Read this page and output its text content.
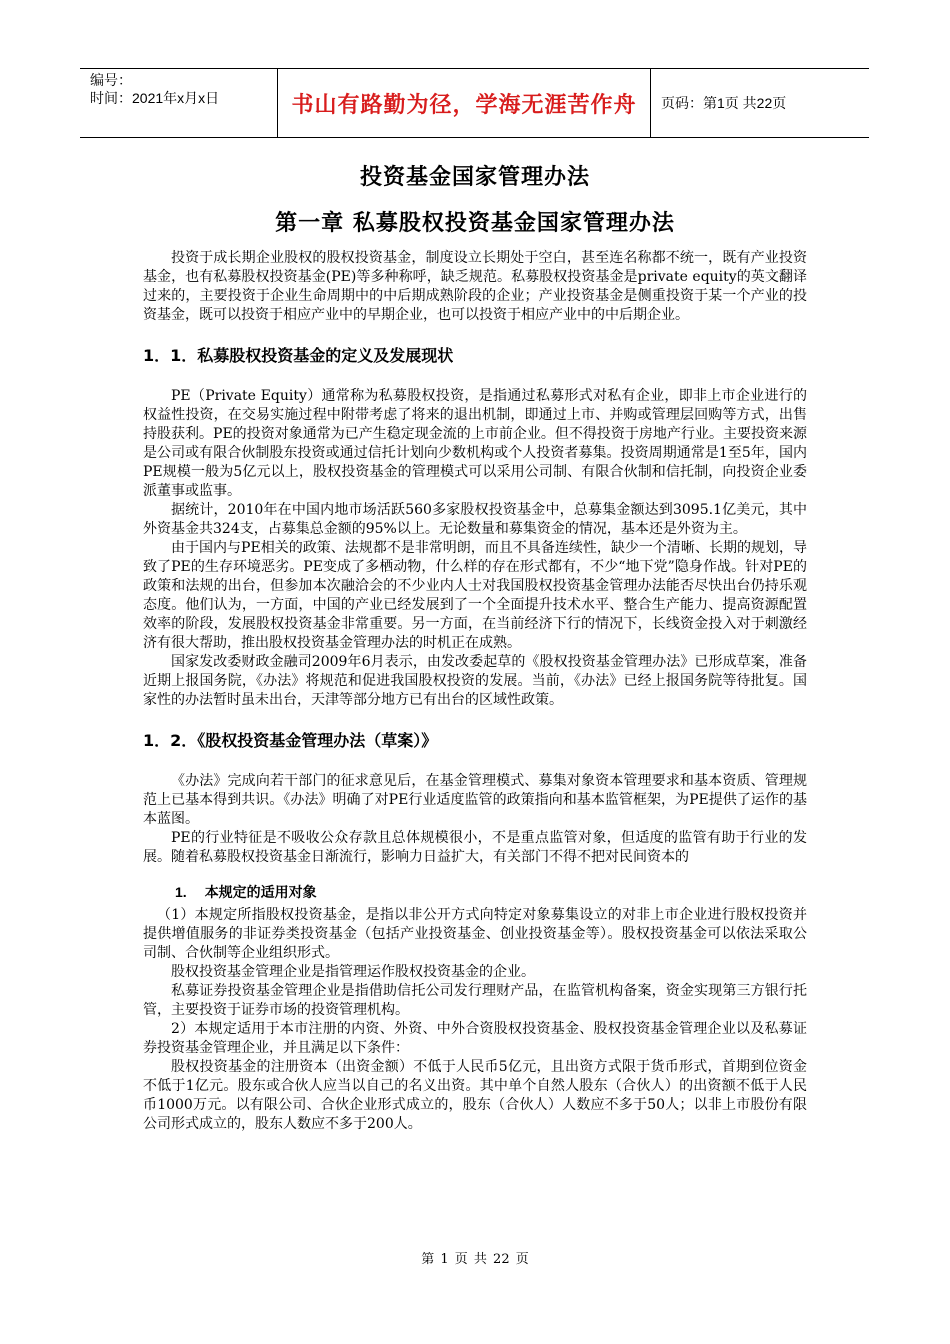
编号：
时间：2021年x月x日	书山有路勤为径，学海无涯苦作舟	页码：第1页 共22页
投资基金国家管理办法
第一章 私募股权投资基金国家管理办法

投资于成长期企业股权的股权投资基金，制度设立长期处于空白，甚至连名称都不统一，既有产业投资基金，也有私募股权投资基金(PE)等多种称呼，缺乏规范。私募股权投资基金是private equity的英文翻译过来的，主要投资于企业生命周期中的中后期成熟阶段的企业；产业投资基金是侧重投资于某一个产业的投资基金，既可以投资于相应产业中的早期企业，也可以投资于相应产业中的中后期企业。

1．1．私募股权投资基金的定义及发展现状

PE（Private Equity）通常称为私募股权投资，是指通过私募形式对私有企业，即非上市企业进行的权益性投资，在交易实施过程中附带考虑了将来的退出机制，即通过上市、并购或管理层回购等方式，出售持股获利。PE的投资对象通常为已产生稳定现金流的上市前企业。但不得投资于房地产行业。主要投资来源是公司或有限合伙制股东投资或通过信托计划向少数机构或个人投资者募集。投资周期通常是1至5年，国内PE规模一般为5亿元以上，股权投资基金的管理模式可以采用公司制、有限合伙制和信托制，向投资企业委派董事或监事。

据统计，2010年在中国内地市场活跃560多家股权投资基金中，总募集金额达到3095.1亿美元，其中外资基金共324支，占募集总金额的95%以上。无论数量和募集资金的情况，基本还是外资为主。

由于国内与PE相关的政策、法规都不是非常明朗，而且不具备连续性，缺少一个清晰、长期的规划，导致了PE的生存环境恶劣。PE变成了多栖动物，什么样的存在形式都有，不少“地下党”隐身作战。针对PE的政策和法规的出台，但参加本次融洽会的不少业内人士对我国股权投资基金管理办法能否尽快出台仍持乐观态度。他们认为，一方面，中国的产业已经发展到了一个全面提升技术水平、整合生产能力、提高资源配置效率的阶段，发展股权投资基金非常重要。另一方面，在当前经济下行的情况下，长线资金投入对于刺激经济有很大帮助，推出股权投资基金管理办法的时机正在成熟。

国家发改委财政金融司2009年6月表示，由发改委起草的《股权投资基金管理办法》已形成草案，准备近期上报国务院，《办法》将规范和促进我国股权投资的发展。当前，《办法》已经上报国务院等待批复。国家性的办法暂时虽未出台，天津等部分地方已有出台的区域性政策。

1．2．《股权投资基金管理办法（草案）》

《办法》完成向若干部门的征求意见后，在基金管理模式、募集对象资本管理要求和基本资质、管理规范上已基本得到共识。《办法》明确了对PE行业适度监管的政策指向和基本监管框架，为PE提供了运作的基本蓝图。

PE的行业特征是不吸收公众存款且总体规模很小，不是重点监管对象，但适度的监管有助于行业的发展。随着私募股权投资基金日渐流行，影响力日益扩大，有关部门不得不把对民间资本的

1. 本规定的适用对象

（1）本规定所指股权投资基金，是指以非公开方式向特定对象募集设立的对非上市企业进行股权投资并提供增值服务的非证券类投资基金（包括产业投资基金、创业投资基金等）。股权投资基金可以依法采取公司制、合伙制等企业组织形式。

股权投资基金管理企业是指管理运作股权投资基金的企业。

私募证券投资基金管理企业是指借助信托公司发行理财产品，在监管机构备案，资金实现第三方银行托管，主要投资于证券市场的投资管理机构。

2）本规定适用于本市注册的内资、外资、中外合资股权投资基金、股权投资基金管理企业以及私募证券投资基金管理企业，并且满足以下条件：

股权投资基金的注册资本（出资金额）不低于人民币5亿元，且出资方式限于货币形式，首期到位资金不低于1亿元。股东或合伙人应当以自己的名义出资。其中单个自然人股东（合伙人）的出资额不低于人民币1000万元。以有限公司、合伙企业形式成立的，股东（合伙人）人数应不多于50人；以非上市股份有限公司形式成立的，股东人数应不多于200人。

第 1 页 共 22 页
